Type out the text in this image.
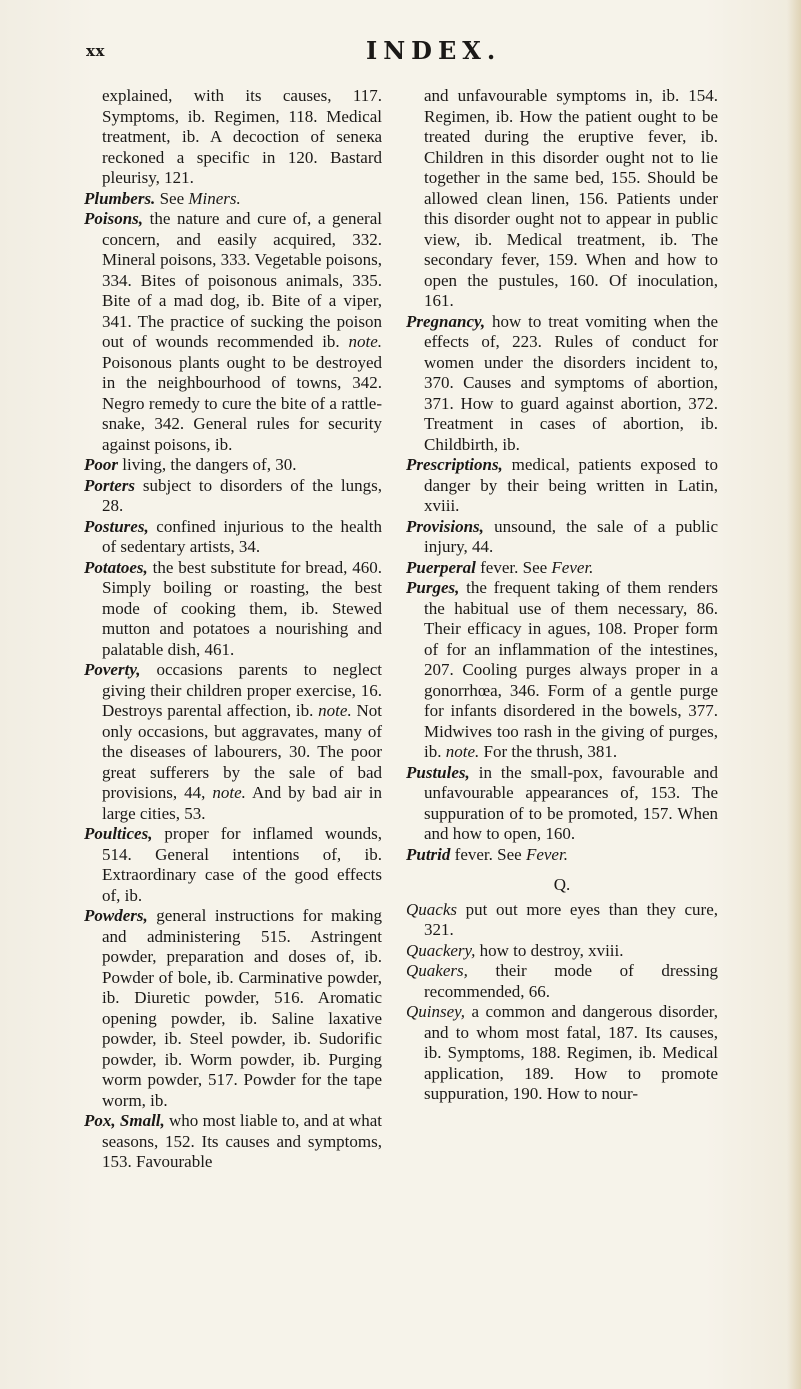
xx	INDEX.

explained, with its causes, 117. Symptoms, ib. Regimen, 118. Medical treatment, ib. A decoction of senека reckoned a specific in 120. Bastard pleurisy, 121.

Plumbers. See Miners.

Poisons, the nature and cure of, a general concern, and easily acquired, 332. Mineral poisons, 333. Vegetable poisons, 334. Bites of poisonous animals, 335. Bite of a mad dog, ib. Bite of a viper, 341. The practice of sucking the poison out of wounds recommended ib. note. Poisonous plants ought to be destroyed in the neighbourhood of towns, 342. Negro remedy to cure the bite of a rattle-snake, 342. General rules for security against poisons, ib.

Poor living, the dangers of, 30.

Porters subject to disorders of the lungs, 28.

Postures, confined injurious to the health of sedentary artists, 34.

Potatoes, the best substitute for bread, 460. Simply boiling or roasting, the best mode of cooking them, ib. Stewed mutton and potatoes a nourishing and palatable dish, 461.

Poverty, occasions parents to neglect giving their children proper exercise, 16. Destroys parental affection, ib. note. Not only occasions, but aggravates, many of the diseases of labourers, 30. The poor great sufferers by the sale of bad provisions, 44, note. And by bad air in large cities, 53.

Poultices, proper for inflamed wounds, 514. General intentions of, ib. Extraordinary case of the good effects of, ib.

Powders, general instructions for making and administering 515. Astringent powder, preparation and doses of, ib. Powder of bole, ib. Carminative powder, ib. Diuretic powder, 516. Aromatic opening powder, ib. Saline laxative powder, ib. Steel powder, ib. Sudorific powder, ib. Worm powder, ib. Purging worm powder, 517. Powder for the tape worm, ib.

Pox, Small, who most liable to, and at what seasons, 152. Its causes and symptoms, 153. Favourable

and unfavourable symptoms in, ib. 154. Regimen, ib. How the patient ought to be treated during the eruptive fever, ib. Children in this disorder ought not to lie together in the same bed, 155. Should be allowed clean linen, 156. Patients under this disorder ought not to appear in public view, ib. Medical treatment, ib. The secondary fever, 159. When and how to open the pustules, 160. Of inoculation, 161.

Pregnancy, how to treat vomiting when the effects of, 223. Rules of conduct for women under the disorders incident to, 370. Causes and symptoms of abortion, 371. How to guard against abortion, 372. Treatment in cases of abortion, ib. Childbirth, ib.

Prescriptions, medical, patients exposed to danger by their being written in Latin, xviii.

Provisions, unsound, the sale of a public injury, 44.

Puerperal fever. See Fever.

Purges, the frequent taking of them renders the habitual use of them necessary, 86. Their efficacy in agues, 108. Proper form of for an inflammation of the intestines, 207. Cooling purges always proper in a gonorrhœa, 346. Form of a gentle purge for infants disordered in the bowels, 377. Midwives too rash in the giving of purges, ib. note. For the thrush, 381.

Pustules, in the small-pox, favourable and unfavourable appearances of, 153. The suppuration of to be promoted, 157. When and how to open, 160.

Putrid fever. See Fever.

Q.

Quacks put out more eyes than they cure, 321.

Quackery, how to destroy, xviii.

Quakers, their mode of dressing recommended, 66.

Quinsey, a common and dangerous disorder, and to whom most fatal, 187. Its causes, ib. Symptoms, 188. Regimen, ib. Medical application, 189. How to promote suppuration, 190. How to nour-
